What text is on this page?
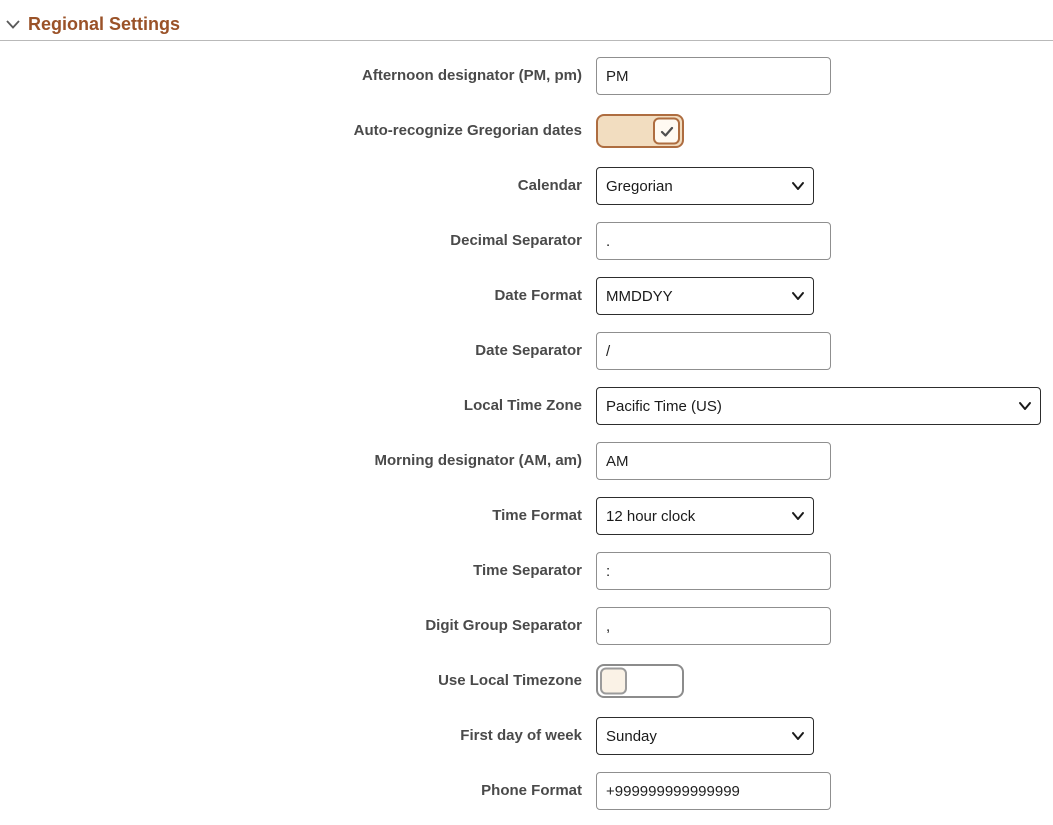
Regional Settings
Afternoon designator (PM, pm)
PM
Auto-recognize Gregorian dates
Calendar
Gregorian
Decimal Separator
.
Date Format
MMDDYY
Date Separator
/
Local Time Zone
Pacific Time (US)
Morning designator (AM, am)
AM
Time Format
12 hour clock
Time Separator
:
Digit Group Separator
,
Use Local Timezone
First day of week
Sunday
Phone Format
+999999999999999
